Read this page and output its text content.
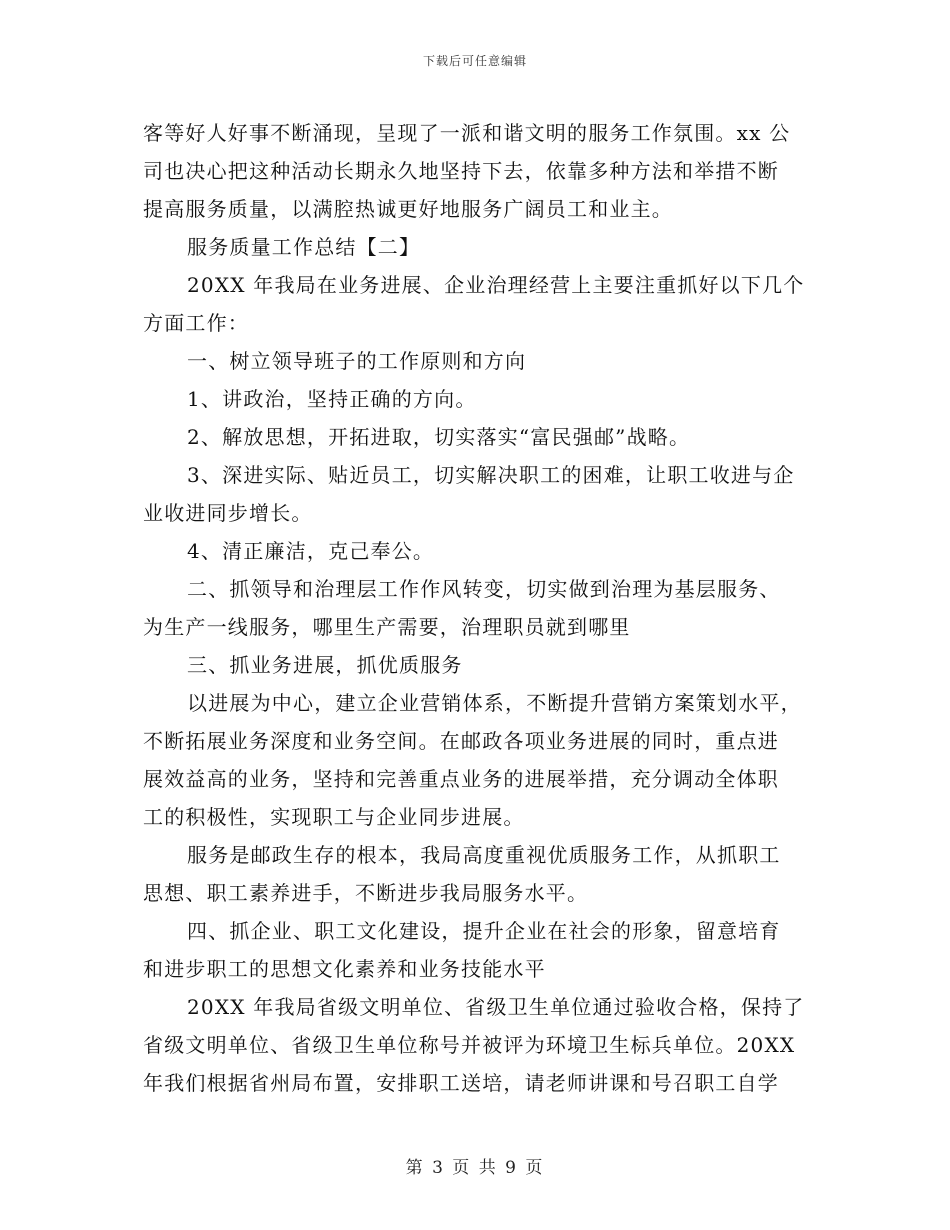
下载后可任意编辑
客等好人好事不断涌现，呈现了一派和谐文明的服务工作氛围。xx 公
司也决心把这种活动长期永久地坚持下去，依靠多种方法和举措不断
提高服务质量，以满腔热诚更好地服务广阔员工和业主。
服务质量工作总结【二】
20XX 年我局在业务进展、企业治理经营上主要注重抓好以下几个
方面工作：
一、树立领导班子的工作原则和方向
1、讲政治，坚持正确的方向。
2、解放思想，开拓进取，切实落实“富民强邮”战略。
3、深进实际、贴近员工，切实解决职工的困难，让职工收进与企
业收进同步增长。
4、清正廉洁，克己奉公。
二、抓领导和治理层工作作风转变，切实做到治理为基层服务、
为生产一线服务，哪里生产需要，治理职员就到哪里
三、抓业务进展，抓优质服务
以进展为中心，建立企业营销体系，不断提升营销方案策划水平，
不断拓展业务深度和业务空间。在邮政各项业务进展的同时，重点进
展效益高的业务，坚持和完善重点业务的进展举措，充分调动全体职
工的积极性，实现职工与企业同步进展。
服务是邮政生存的根本，我局高度重视优质服务工作，从抓职工
思想、职工素养进手，不断进步我局服务水平。
四、抓企业、职工文化建设，提升企业在社会的形象，留意培育
和进步职工的思想文化素养和业务技能水平
20XX 年我局省级文明单位、省级卫生单位通过验收合格，保持了
省级文明单位、省级卫生单位称号并被评为环境卫生标兵单位。20XX
年我们根据省州局布置，安排职工送培，请老师讲课和号召职工自学
第 3 页 共 9 页
